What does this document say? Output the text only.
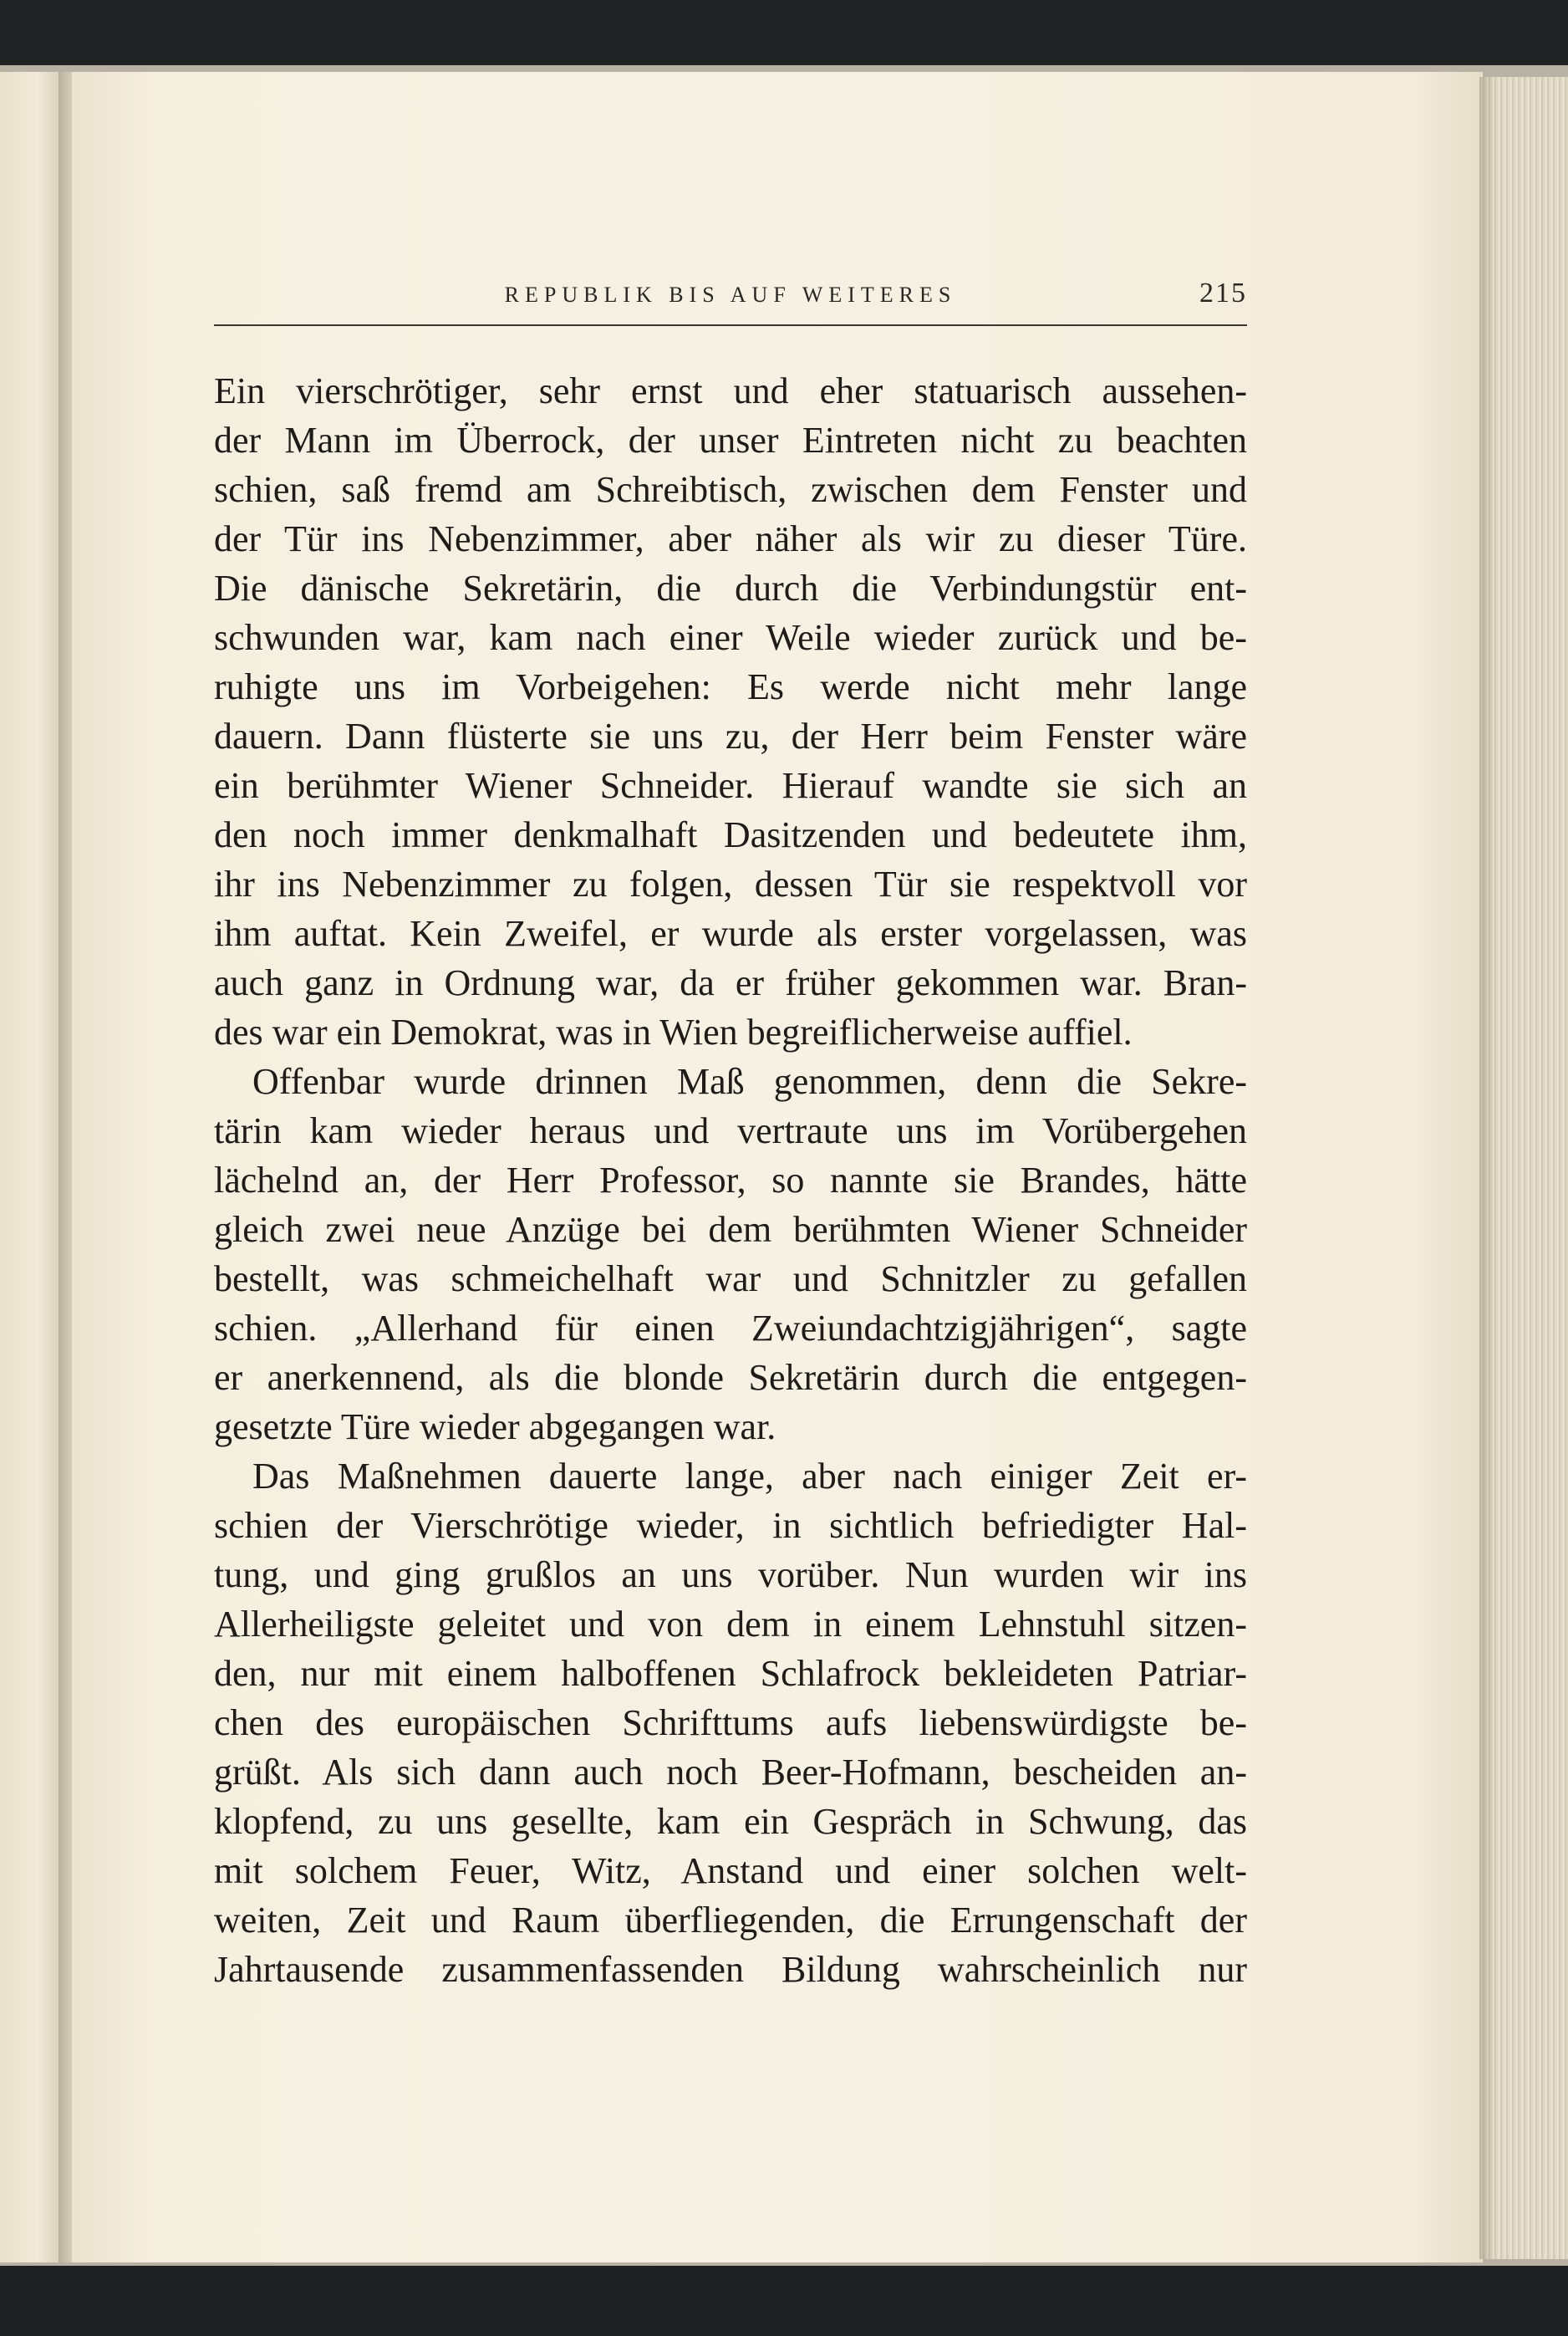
REPUBLIK BIS AUF WEITERES	215
Ein vierschrötiger, sehr ernst und eher statuarisch aussehen-
der Mann im Überrock, der unser Eintreten nicht zu beachten
schien, saß fremd am Schreibtisch, zwischen dem Fenster und
der Tür ins Nebenzimmer, aber näher als wir zu dieser Türe.
Die dänische Sekretärin, die durch die Verbindungstür ent-
schwunden war, kam nach einer Weile wieder zurück und be-
ruhigte uns im Vorbeigehen: Es werde nicht mehr lange
dauern. Dann flüsterte sie uns zu, der Herr beim Fenster wäre
ein berühmter Wiener Schneider. Hierauf wandte sie sich an
den noch immer denkmalhaft Dasitzenden und bedeutete ihm,
ihr ins Nebenzimmer zu folgen, dessen Tür sie respektvoll vor
ihm auftat. Kein Zweifel, er wurde als erster vorgelassen, was
auch ganz in Ordnung war, da er früher gekommen war. Bran-
des war ein Demokrat, was in Wien begreiflicherweise auffiel.
Offenbar wurde drinnen Maß genommen, denn die Sekre-
tärin kam wieder heraus und vertraute uns im Vorübergehen
lächelnd an, der Herr Professor, so nannte sie Brandes, hätte
gleich zwei neue Anzüge bei dem berühmten Wiener Schneider
bestellt, was schmeichelhaft war und Schnitzler zu gefallen
schien. „Allerhand für einen Zweiundachtzigjährigen“, sagte
er anerkennend, als die blonde Sekretärin durch die entgegen-
gesetzte Türe wieder abgegangen war.
Das Maßnehmen dauerte lange, aber nach einiger Zeit er-
schien der Vierschrötige wieder, in sichtlich befriedigter Hal-
tung, und ging grußlos an uns vorüber. Nun wurden wir ins
Allerheiligste geleitet und von dem in einem Lehnstuhl sitzen-
den, nur mit einem halboffenen Schlafrock bekleideten Patriar-
chen des europäischen Schrifttums aufs liebenswürdigste be-
grüßt. Als sich dann auch noch Beer-Hofmann, bescheiden an-
klopfend, zu uns gesellte, kam ein Gespräch in Schwung, das
mit solchem Feuer, Witz, Anstand und einer solchen welt-
weiten, Zeit und Raum überfliegenden, die Errungenschaft der
Jahrtausende zusammenfassenden Bildung wahrscheinlich nur
